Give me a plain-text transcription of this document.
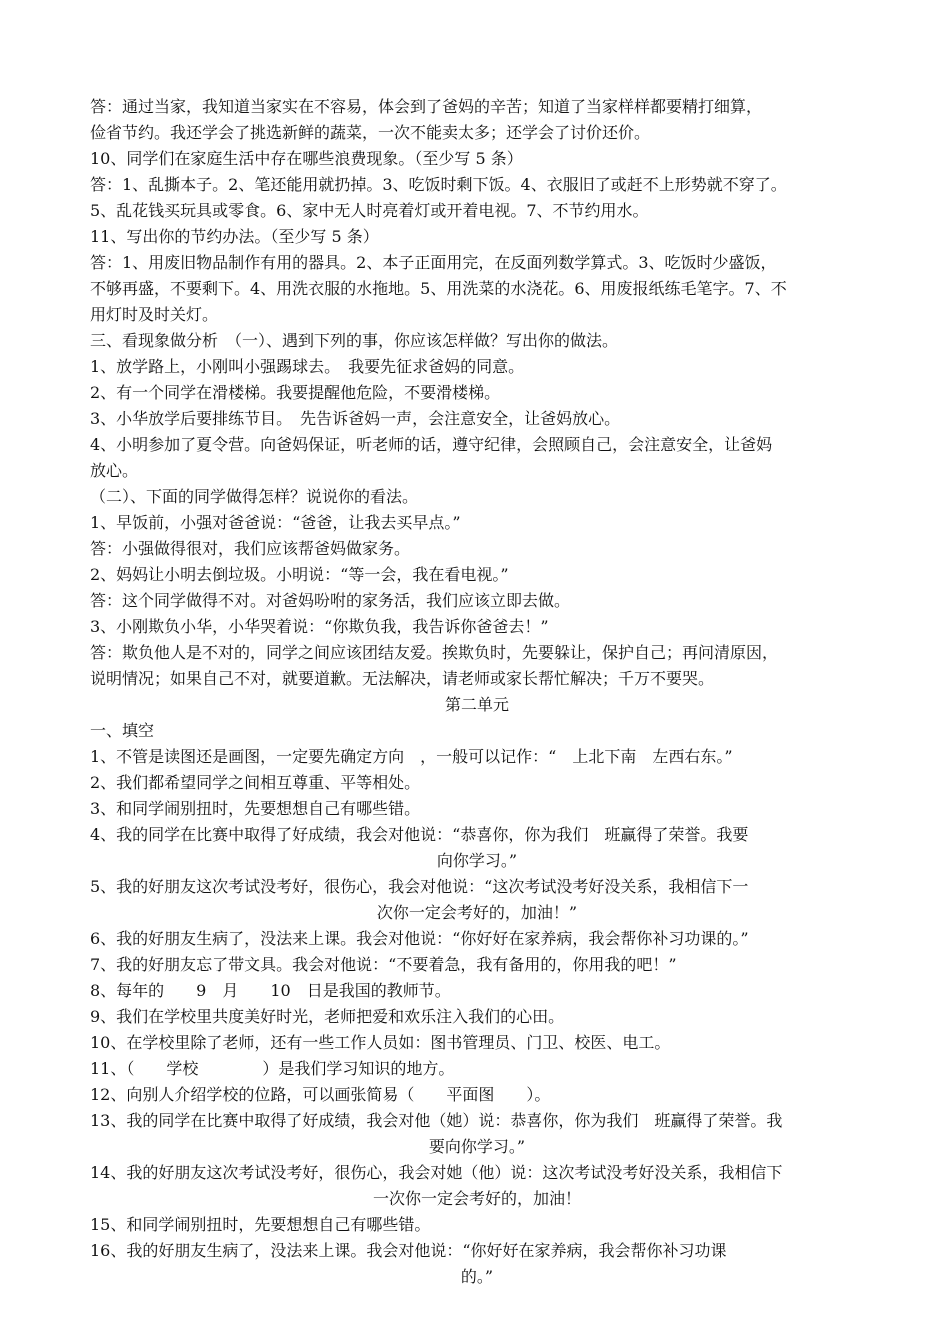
答：通过当家，我知道当家实在不容易，体会到了爸妈的辛苦；知道了当家样样都要精打细算，

俭省节约。我还学会了挑选新鲜的蔬菜，一次不能卖太多；还学会了讨价还价。

10、同学们在家庭生活中存在哪些浪费现象。（至少写 5 条）

答：1、乱撕本子。2、笔还能用就扔掉。3、吃饭时剩下饭。4、衣服旧了或赶不上形势就不穿了。

5、乱花钱买玩具或零食。6、家中无人时亮着灯或开着电视。7、不节约用水。

11、写出你的节约办法。（至少写 5 条）

答：1、用废旧物品制作有用的器具。2、本子正面用完，在反面列数学算式。3、吃饭时少盛饭，

不够再盛，不要剩下。4、用洗衣服的水拖地。5、用洗菜的水浇花。6、用废报纸练毛笔字。7、不

用灯时及时关灯。

三、看现象做分析　（一）、遇到下列的事，你应该怎样做？写出你的做法。

1、放学路上，小刚叫小强踢球去。　我要先征求爸妈的同意。

2、有一个同学在滑楼梯。我要提醒他危险，不要滑楼梯。

3、小华放学后要排练节目。　先告诉爸妈一声，会注意安全，让爸妈放心。

4、小明参加了夏令营。向爸妈保证，听老师的话，遵守纪律，会照顾自己，会注意安全，让爸妈

放心。

（二）、下面的同学做得怎样？说说你的看法。

1、早饭前，小强对爸爸说：“爸爸，让我去买早点。”

答：小强做得很对，我们应该帮爸妈做家务。

2、妈妈让小明去倒垃圾。小明说：“等一会，我在看电视。”

答：这个同学做得不对。对爸妈吩咐的家务活，我们应该立即去做。

3、小刚欺负小华，小华哭着说：“你欺负我，我告诉你爸爸去！”

答：欺负他人是不对的，同学之间应该团结友爱。挨欺负时，先要躲让，保护自己；再问清原因，

说明情况；如果自己不对，就要道歉。无法解决，请老师或家长帮忙解决；千万不要哭。

第二单元

一、填空

1、不管是读图还是画图，一定要先确定方向　，一般可以记作：“　上北下南　左西右东。”

2、我们都希望同学之间相互尊重、平等相处。

3、和同学闹别扭时，先要想想自己有哪些错。

4、我的同学在比赛中取得了好成绩，我会对他说：“恭喜你，你为我们　班赢得了荣誉。我要

向你学习。”

5、我的好朋友这次考试没考好，很伤心，我会对他说：“这次考试没考好没关系，我相信下一

次你一定会考好的，加油！”

6、我的好朋友生病了，没法来上课。我会对他说：“你好好在家养病，我会帮你补习功课的。”

7、我的好朋友忘了带文具。我会对他说：“不要着急，我有备用的，你用我的吧！”

8、每年的　　9　月　　10　日是我国的教师节。

9、我们在学校里共度美好时光，老师把爱和欢乐注入我们的心田。

10、在学校里除了老师，还有一些工作人员如：图书管理员、门卫、校医、电工。

11、（　　学校　　　　）是我们学习知识的地方。

12、向别人介绍学校的位路，可以画张简易（　　平面图　　）。

13、我的同学在比赛中取得了好成绩，我会对他（她）说：恭喜你，你为我们　班赢得了荣誉。我

要向你学习。”

14、我的好朋友这次考试没考好，很伤心，我会对她（他）说：这次考试没考好没关系，我相信下

一次你一定会考好的，加油！

15、和同学闹别扭时，先要想想自己有哪些错。

16、我的好朋友生病了，没法来上课。我会对他说：“你好好在家养病，我会帮你补习功课

的。”
